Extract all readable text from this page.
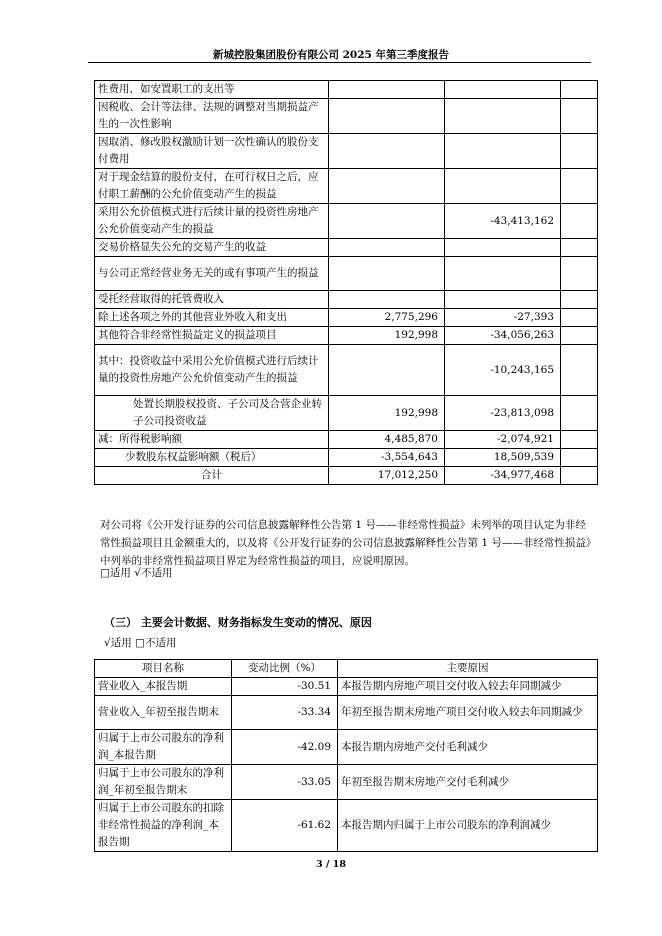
新城控股集团股份有限公司 2025 年第三季度报告
性费用，如安置职工的支出等			
因税收、会计等法律、法规的调整对当期损益产生的一次性影响			
因取消、修改股权激励计划一次性确认的股份支付费用			
对于现金结算的股份支付，在可行权日之后，应付职工薪酬的公允价值变动产生的损益			
采用公允价值模式进行后续计量的投资性房地产公允价值变动产生的损益		-43,413,162	
交易价格显失公允的交易产生的收益			
与公司正常经营业务无关的或有事项产生的损益			
受托经营取得的托管费收入			
除上述各项之外的其他营业外收入和支出	2,775,296	-27,393	
其他符合非经常性损益定义的损益项目	192,998	-34,056,263	
其中：投资收益中采用公允价值模式进行后续计量的投资性房地产公允价值变动产生的损益		-10,243,165	
处置长期股权投资、子公司及合营企业转子公司投资收益	192,998	-23,813,098	
减：所得税影响额	4,485,870	-2,074,921	
少数股东权益影响额（税后）	-3,554,643	18,509,539	
合计	17,012,250	-34,977,468	
对公司将《公开发行证券的公司信息披露解释性公告第 1 号——非经常性损益》未列举的项目认定为非经常性损益项目且金额重大的，以及将《公开发行证券的公司信息披露解释性公告第 1 号——非经常性损益》中列举的非经常性损益项目界定为经常性损益的项目，应说明原因。
□适用 √不适用
（三） 主要会计数据、财务指标发生变动的情况、原因
√适用 □不适用
项目名称	变动比例（%）	主要原因
营业收入_本报告期	-30.51	本报告期内房地产项目交付收入较去年同期减少
营业收入_年初至报告期末	-33.34	年初至报告期末房地产项目交付收入较去年同期减少
归属于上市公司股东的净利润_本报告期	-42.09	本报告期内房地产交付毛利减少
归属于上市公司股东的净利润_年初至报告期末	-33.05	年初至报告期末房地产交付毛利减少
归属于上市公司股东的扣除非经常性损益的净利润_本报告期	-61.62	本报告期内归属于上市公司股东的净利润减少
3 / 18
